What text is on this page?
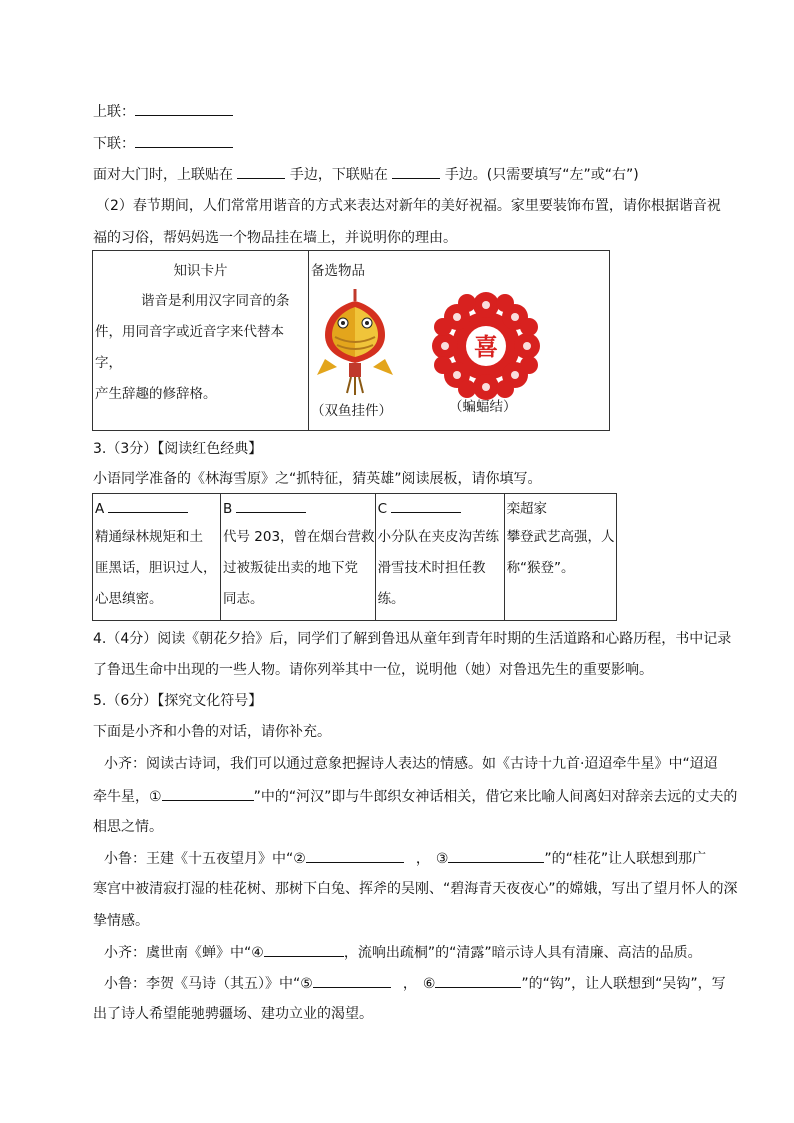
上联：
下联：
面对大门时，上联贴在	手边，下联贴在	手边。(只需要填写“左”或“右”)
（2）春节期间，人们常常用谐音的方式来表达对新年的美好祝福。家里要装饰布置，请你根据谐音祝
福的习俗，帮妈妈选一个物品挂在墙上，并说明你的理由。
知识卡片
谐音是利用汉字同音的条
件，用同音字或近音字来代替本字，
产生辞趣的修辞格。

备选物品
喜
（双鱼挂件）	（蝙蝠结）
3.（3分）【阅读红色经典】
小语同学准备的《林海雪原》之“抓特征，猜英雄”阅读展板，请你填写。
A
精通绿林规矩和土
匪黑话，胆识过人，
心思缜密。

B
代号 203，曾在烟台营救
过被叛徒出卖的地下党
同志。

C
小分队在夹皮沟苦练
滑雪技术时担任教
练。

栾超家
攀登武艺高强，人
称“猴登”。
4.（4分）阅读《朝花夕拾》后，同学们了解到鲁迅从童年到青年时期的生活道路和心路历程，书中记录
了鲁迅生命中出现的一些人物。请你列举其中一位，说明他（她）对鲁迅先生的重要影响。
5.（6分）【探究文化符号】
下面是小齐和小鲁的对话，请你补充。
小齐：阅读古诗词，我们可以通过意象把握诗人表达的情感。如《古诗十九首·迢迢牵牛星》中“迢迢
牵牛星，①	”中的“河汉”即与牛郎织女神话相关，借它来比喻人间离妇对辞亲去远的丈夫的
相思之情。
小鲁：王建《十五夜望月》中“②	， ③	”的“桂花”让人联想到那广
寒宫中被清寂打湿的桂花树、那树下白兔、挥斧的吴刚、“碧海青天夜夜心”的嫦娥，写出了望月怀人的深
挚情感。
小齐：虞世南《蝉》中“④	，流响出疏桐”的“清露”暗示诗人具有清廉、高洁的品质。
小鲁：李贺《马诗（其五）》中“⑤	， ⑥	”的“钩”，让人联想到“吴钩”，写
出了诗人希望能驰骋疆场、建功立业的渴望。
